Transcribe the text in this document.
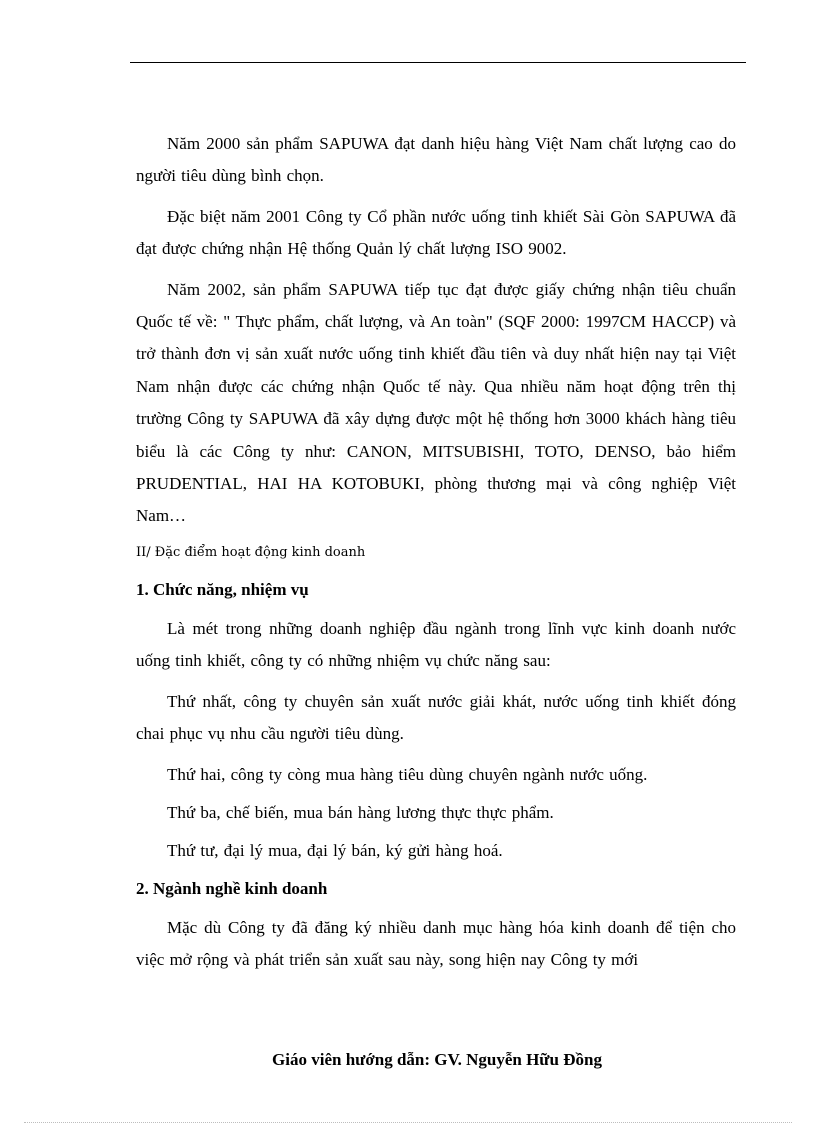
Năm 2000 sản phẩm SAPUWA đạt danh hiệu hàng Việt Nam chất lượng cao do người tiêu dùng bình chọn.

Đặc biệt năm 2001 Công ty Cổ phần nước uống tinh khiết Sài Gòn SAPUWA đã đạt được chứng nhận Hệ thống Quản lý chất lượng ISO 9002.

Năm 2002, sản phẩm SAPUWA tiếp tục đạt được giấy chứng nhận tiêu chuẩn Quốc tế về: " Thực phẩm, chất lượng, và An toàn" (SQF 2000: 1997CM HACCP) và trở thành đơn vị sản xuất nước uống tinh khiết đầu tiên và duy nhất hiện nay tại Việt Nam nhận được các chứng nhận Quốc tế này. Qua nhiều năm hoạt động trên thị trường Công ty SAPUWA đã xây dựng được một hệ thống hơn 3000 khách hàng tiêu biểu là các Công ty như: CANON, MITSUBISHI, TOTO, DENSO, bảo hiểm PRUDENTIAL, HAI HA KOTOBUKI, phòng thương mại và công nghiệp Việt Nam…

II/ Đặc điểm hoạt động kinh doanh
1. Chức năng, nhiệm vụ

Là mét trong những doanh nghiệp đầu ngành trong lĩnh vực kinh doanh nước uống tinh khiết, công ty có những nhiệm vụ chức năng sau:

Thứ nhất, công ty chuyên sản xuất nước giải khát, nước uống tinh khiết đóng chai phục vụ nhu cầu người tiêu dùng.

Thứ hai, công ty còng mua hàng tiêu dùng chuyên ngành nước uống.

Thứ ba, chế biến, mua bán hàng lương thực thực phẩm.

Thứ tư, đại lý mua, đại lý bán, ký gửi hàng hoá.

2. Ngành nghề kinh doanh

Mặc dù Công ty đã đăng ký nhiều danh mục hàng hóa kinh doanh để tiện cho việc mở rộng và phát triển sản xuất sau này, song hiện nay Công ty mới

Giáo viên hướng dẫn: GV. Nguyễn Hữu Đồng
